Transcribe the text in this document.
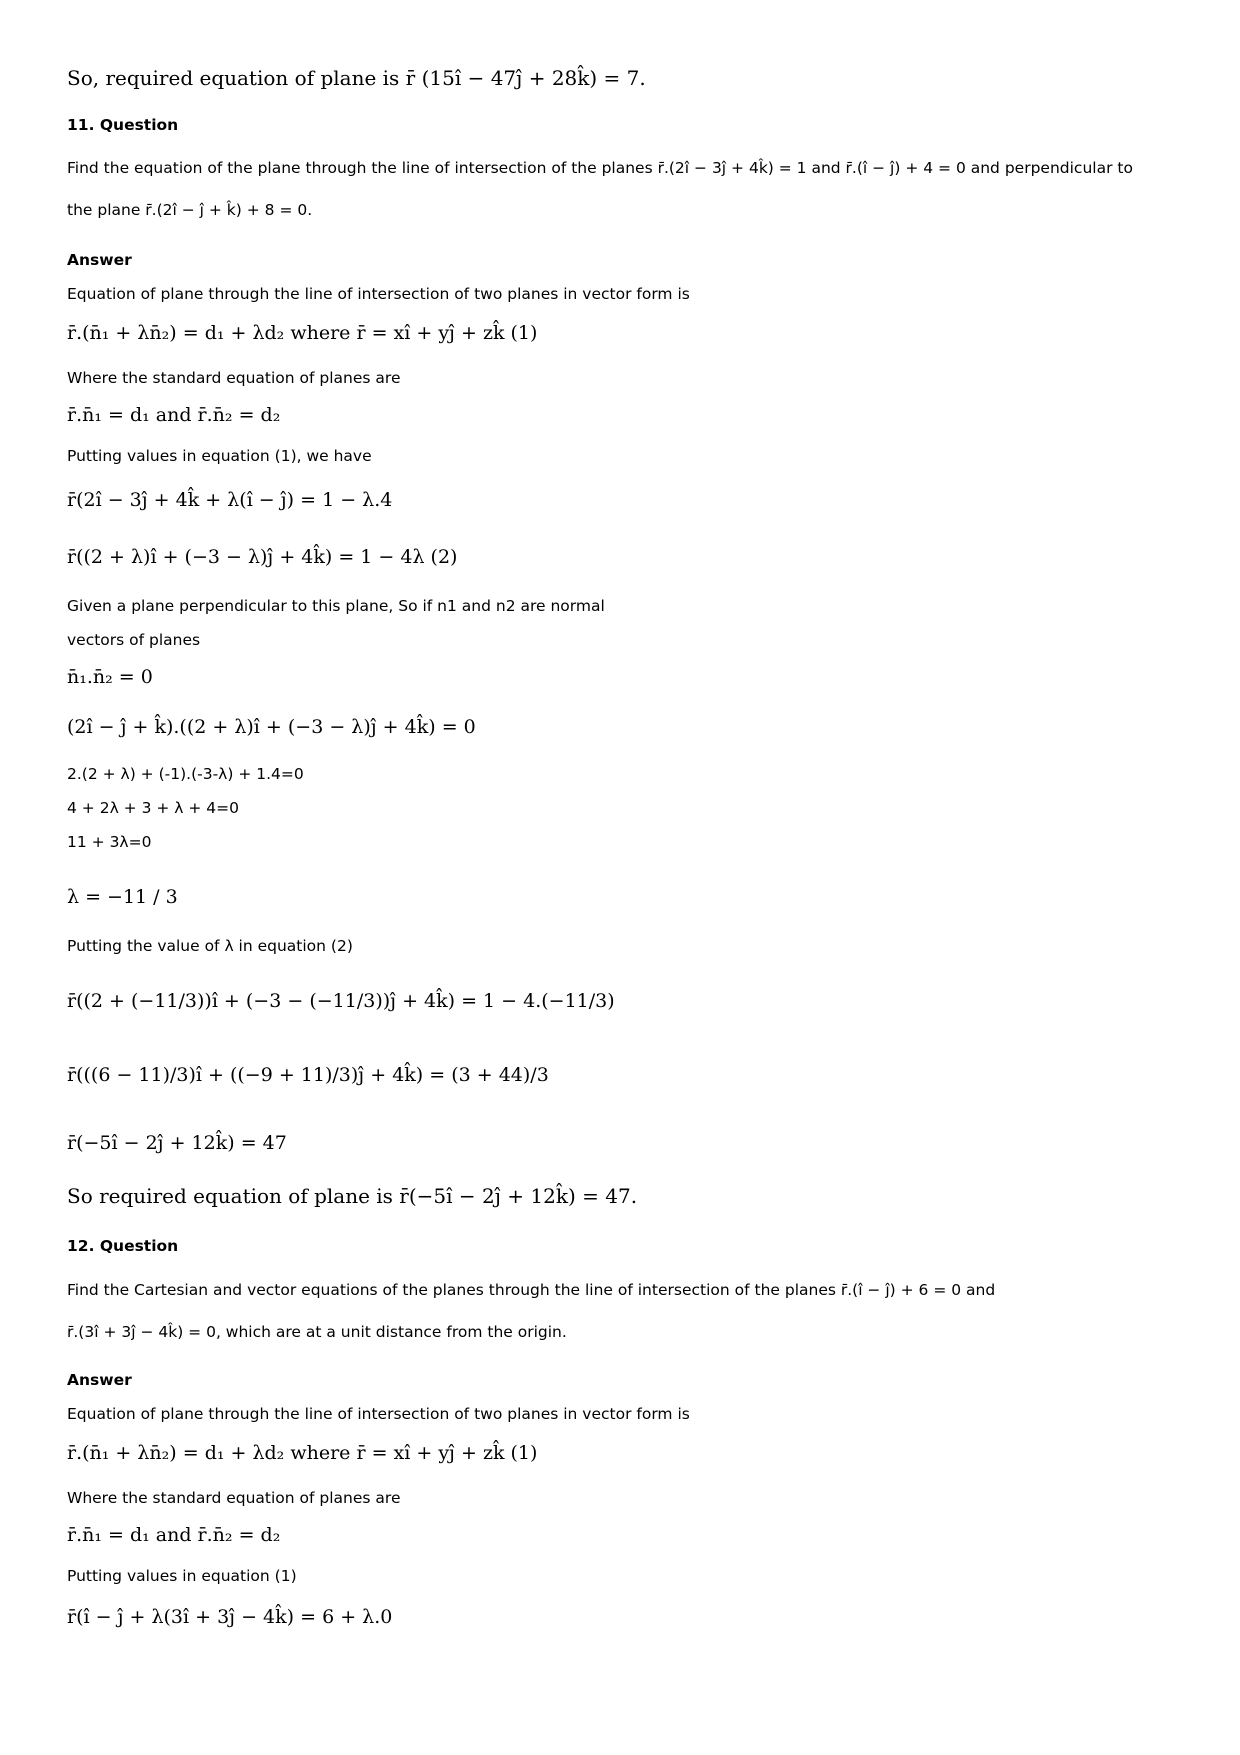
So, required equation of plane is r̄ (15î − 47ĵ + 28k̂) = 7.
11. Question
Find the equation of the plane through the line of intersection of the planes r̄.(2î − 3ĵ + 4k̂) = 1 and r̄.(î − ĵ) + 4 = 0 and perpendicular to
the plane r̄.(2î − ĵ + k̂) + 8 = 0.
Answer
Equation of plane through the line of intersection of two planes in vector form is
r̄.(n̄₁ + λn̄₂) = d₁ + λd₂ where r̄ = xî + yĵ + zk̂ (1)
Where the standard equation of planes are
r̄.n̄₁ = d₁ and r̄.n̄₂ = d₂
Putting values in equation (1), we have
r̄(2î − 3ĵ + 4k̂ + λ(î − ĵ) = 1 − λ.4
r̄((2 + λ)î + (−3 − λ)ĵ + 4k̂) = 1 − 4λ (2)
Given a plane perpendicular to this plane, So if n1 and n2 are normal
vectors of planes
n̄₁.n̄₂ = 0
(2î − ĵ + k̂).((2 + λ)î + (−3 − λ)ĵ + 4k̂) = 0
2.(2 + λ) + (-1).(-3-λ) + 1.4=0
4 + 2λ + 3 + λ + 4=0
11 + 3λ=0
λ = −11 / 3
Putting the value of λ in equation (2)
r̄((2 + (−11/3))î + (−3 − (−11/3))ĵ + 4k̂) = 1 − 4.(−11/3)
r̄(((6 − 11)/3)î + ((−9 + 11)/3)ĵ + 4k̂) = (3 + 44)/3
r̄(−5î − 2ĵ + 12k̂) = 47
So required equation of plane is r̄(−5î − 2ĵ + 12k̂) = 47.
12. Question
Find the Cartesian and vector equations of the planes through the line of intersection of the planes r̄.(î − ĵ) + 6 = 0 and
r̄.(3î + 3ĵ − 4k̂) = 0, which are at a unit distance from the origin.
Answer
Equation of plane through the line of intersection of two planes in vector form is
r̄.(n̄₁ + λn̄₂) = d₁ + λd₂ where r̄ = xî + yĵ + zk̂ (1)
Where the standard equation of planes are
r̄.n̄₁ = d₁ and r̄.n̄₂ = d₂
Putting values in equation (1)
r̄(î − ĵ + λ(3î + 3ĵ − 4k̂) = 6 + λ.0
